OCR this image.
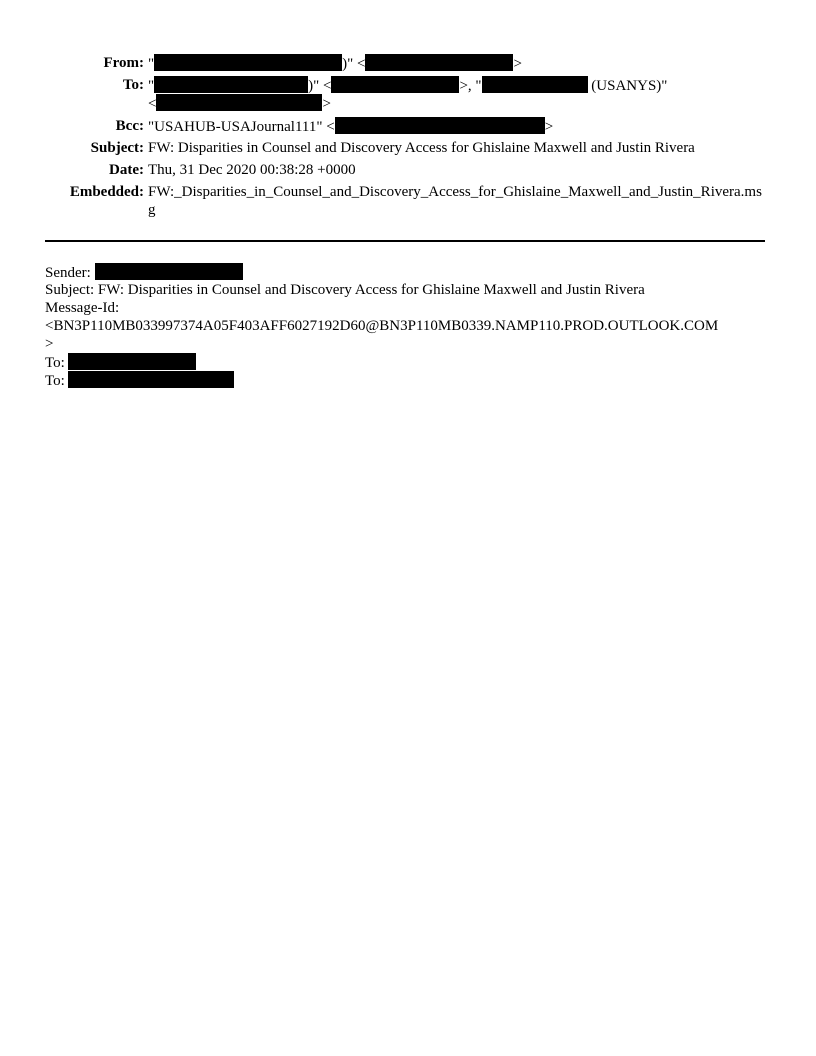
From: "	)" <	>
To: "	)" <	>, "	(USANYS)"
<	>
Bcc: "USAHUB-USAJournal111" <	>
Subject: FW: Disparities in Counsel and Discovery Access for Ghislaine Maxwell and Justin Rivera
Date: Thu, 31 Dec 2020 00:38:28 +0000
Embedded: FW:_Disparities_in_Counsel_and_Discovery_Access_for_Ghislaine_Maxwell_and_Justin_Rivera.msg
Sender:
Subject: FW: Disparities in Counsel and Discovery Access for Ghislaine Maxwell and Justin Rivera
Message-Id:
<BN3P110MB033997374A05F403AFF6027192D60@BN3P110MB0339.NAMP110.PROD.OUTLOOK.COM
>
To:
To:
